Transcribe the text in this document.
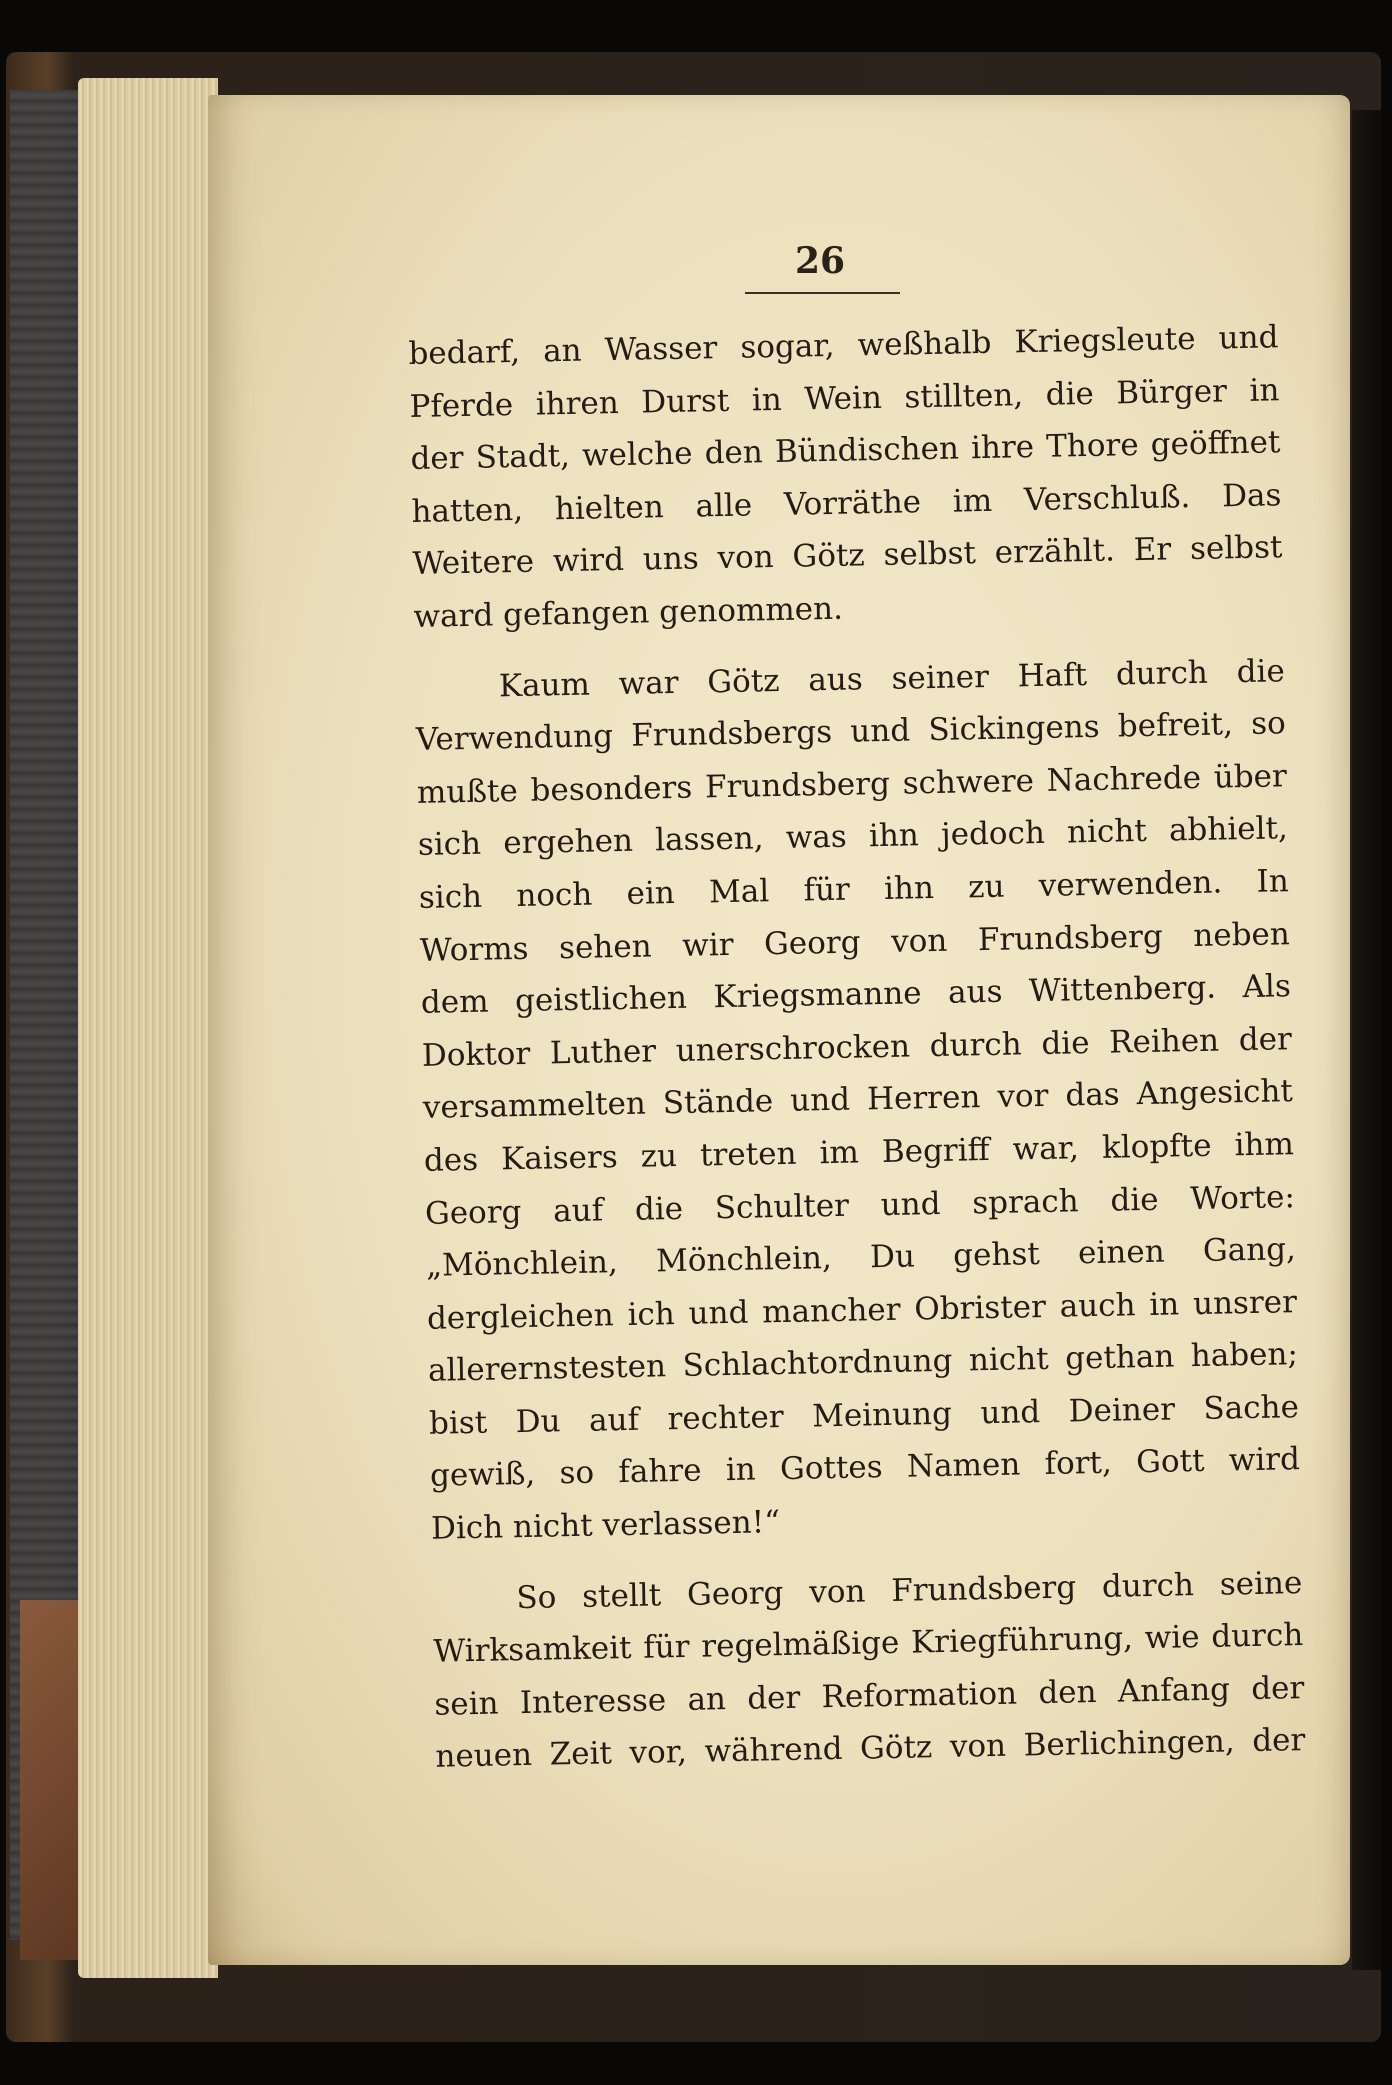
26
bedarf, an Wasser sogar, weßhalb Kriegsleute und
Pferde ihren Durst in Wein stillten, die Bürger in
der Stadt, welche den Bündischen ihre Thore geöffnet
hatten, hielten alle Vorräthe im Verschluß. Das
Weitere wird uns von Götz selbst erzählt. Er selbst
ward gefangen genommen.
Kaum war Götz aus seiner Haft durch die
Verwendung Frundsbergs und Sickingens befreit, so
mußte besonders Frundsberg schwere Nachrede über
sich ergehen lassen, was ihn jedoch nicht abhielt,
sich noch ein Mal für ihn zu verwenden. In
Worms sehen wir Georg von Frundsberg neben
dem geistlichen Kriegsmanne aus Wittenberg. Als
Doktor Luther unerschrocken durch die Reihen der
versammelten Stände und Herren vor das Angesicht
des Kaisers zu treten im Begriff war, klopfte ihm
Georg auf die Schulter und sprach die Worte:
„Mönchlein, Mönchlein, Du gehst einen Gang,
dergleichen ich und mancher Obrister auch in unsrer
allerernstesten Schlachtordnung nicht gethan haben;
bist Du auf rechter Meinung und Deiner Sache
gewiß, so fahre in Gottes Namen fort, Gott wird
Dich nicht verlassen!“
So stellt Georg von Frundsberg durch seine
Wirksamkeit für regelmäßige Kriegführung, wie durch
sein Interesse an der Reformation den Anfang der
neuen Zeit vor, während Götz von Berlichingen, der
